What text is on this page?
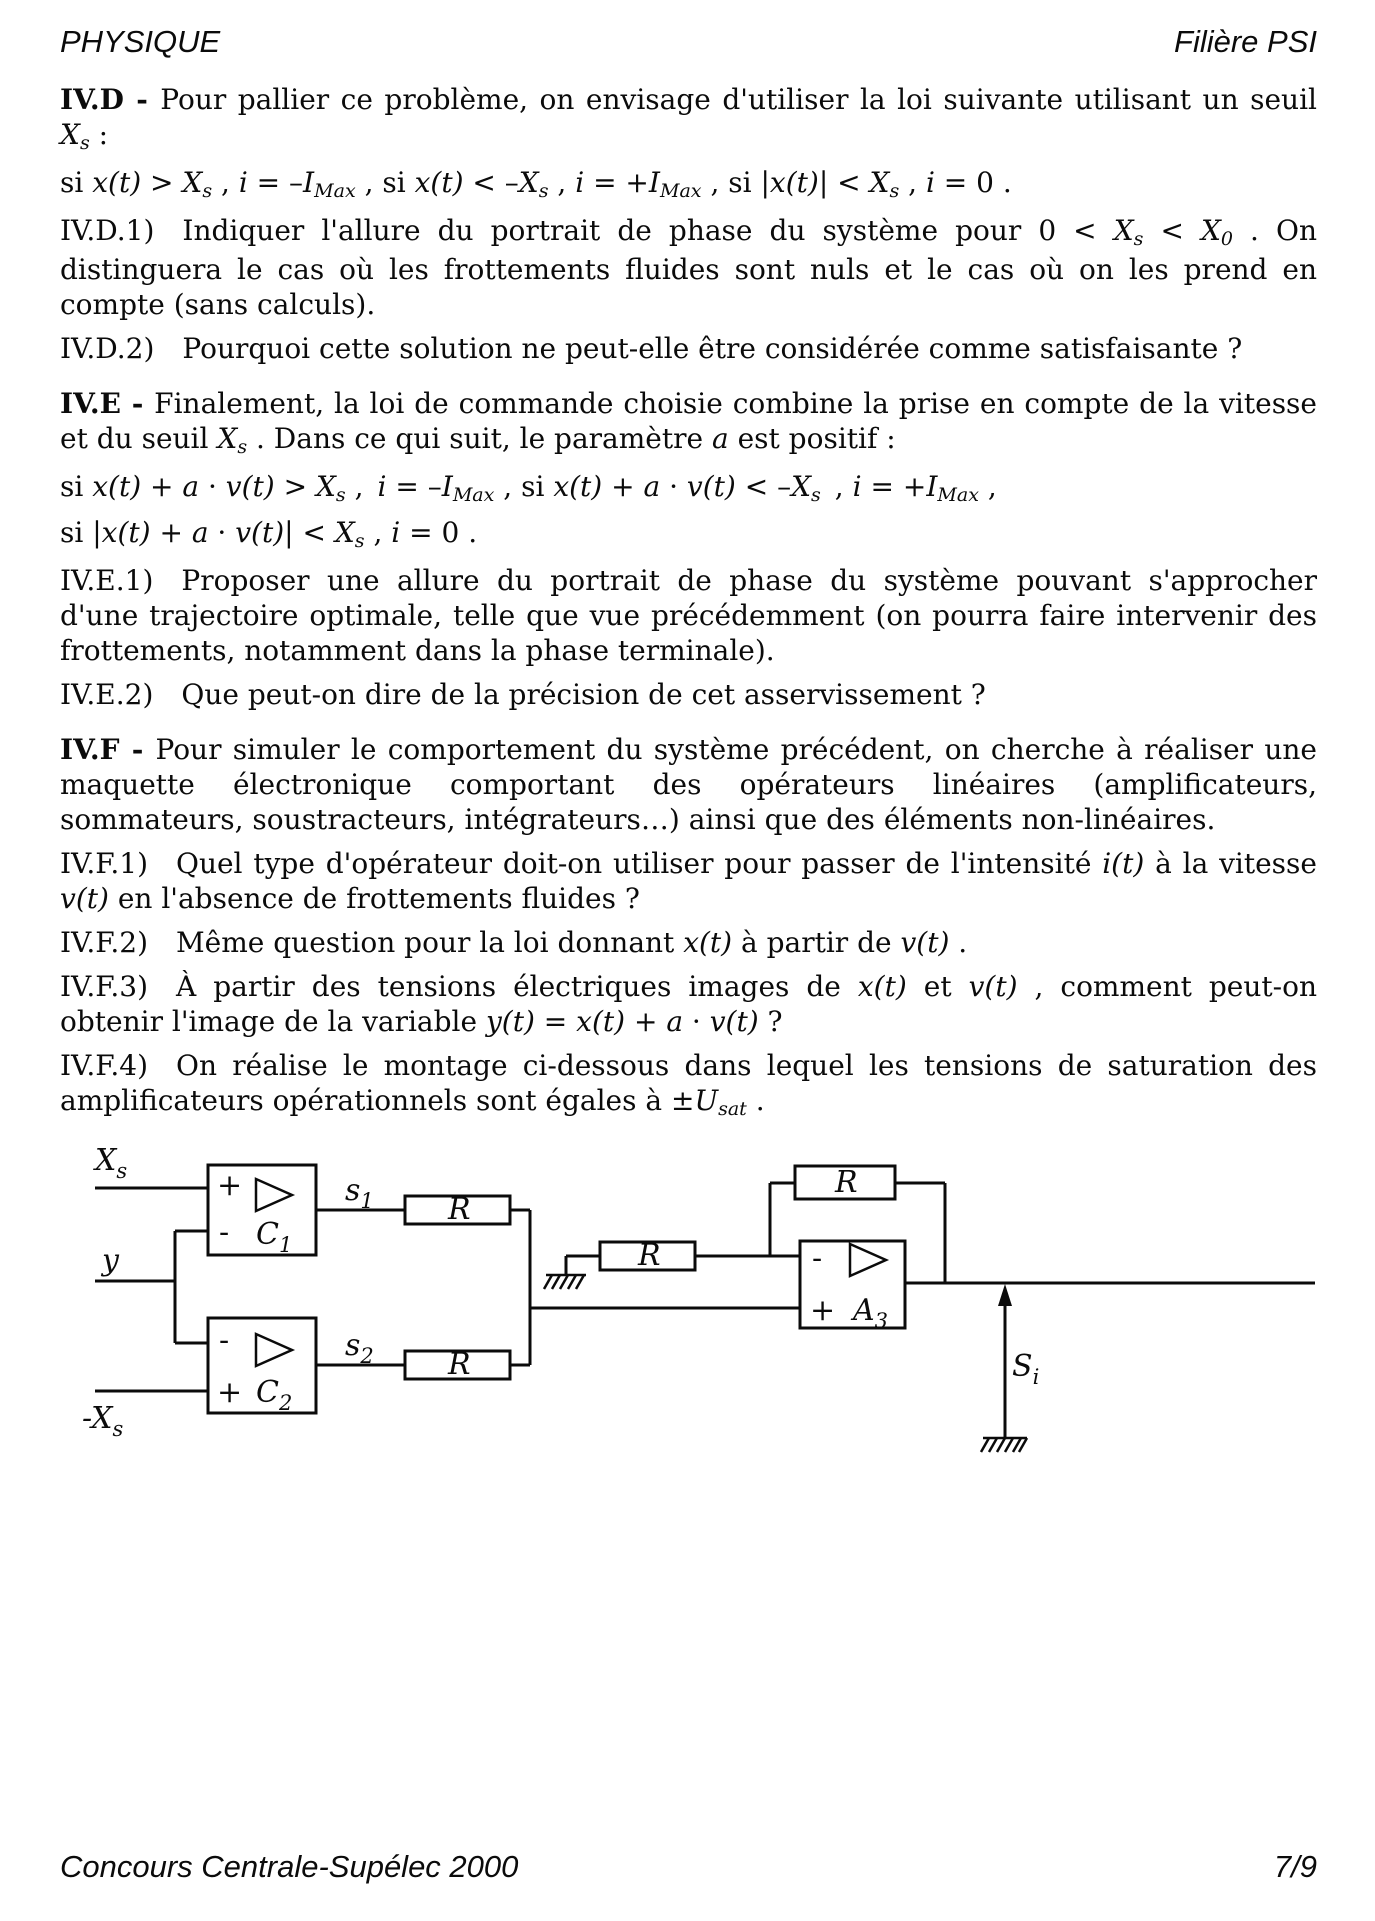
PHYSIQUE	Filière PSI

IV.D - Pour pallier ce problème, on envisage d'utiliser la loi suivante utilisant un seuil Xs :

si x(t) > Xs , i = –IMax , si x(t) < –Xs , i = +IMax , si |x(t)| < Xs , i = 0 .

IV.D.1) Indiquer l'allure du portrait de phase du système pour 0 < Xs < X0 . On distinguera le cas où les frottements fluides sont nuls et le cas où on les prend en compte (sans calculs).

IV.D.2) Pourquoi cette solution ne peut-elle être considérée comme satisfaisante ?

IV.E - Finalement, la loi de commande choisie combine la prise en compte de la vitesse et du seuil Xs . Dans ce qui suit, le paramètre a est positif :

si x(t) + a · v(t) > Xs , i = –IMax , si x(t) + a · v(t) < –Xs , i = +IMax ,

si |x(t) + a · v(t)| < Xs , i = 0 .

IV.E.1) Proposer une allure du portrait de phase du système pouvant s'approcher d'une trajectoire optimale, telle que vue précédemment (on pourra faire intervenir des frottements, notamment dans la phase terminale).

IV.E.2) Que peut-on dire de la précision de cet asservissement ?

IV.F - Pour simuler le comportement du système précédent, on cherche à réaliser une maquette électronique comportant des opérateurs linéaires (amplificateurs, sommateurs, soustracteurs, intégrateurs…) ainsi que des éléments non-linéaires.

IV.F.1) Quel type d'opérateur doit-on utiliser pour passer de l'intensité i(t) à la vitesse v(t) en l'absence de frottements fluides ?

IV.F.2) Même question pour la loi donnant x(t) à partir de v(t) .

IV.F.3) À partir des tensions électriques images de x(t) et v(t) , comment peut-on obtenir l'image de la variable y(t) = x(t) + a · v(t) ?

IV.F.4) On réalise le montage ci-dessous dans lequel les tensions de saturation des amplificateurs opérationnels sont égales à ±Usat .

$X_s$
y
$-X_s$
+
- $C_1$
-
+ $C_2$
$s_1$ R
$s_2$ R
R
R
-
+ $A_3$
$S_i$
Concours Centrale-Supélec 2000	7/9
